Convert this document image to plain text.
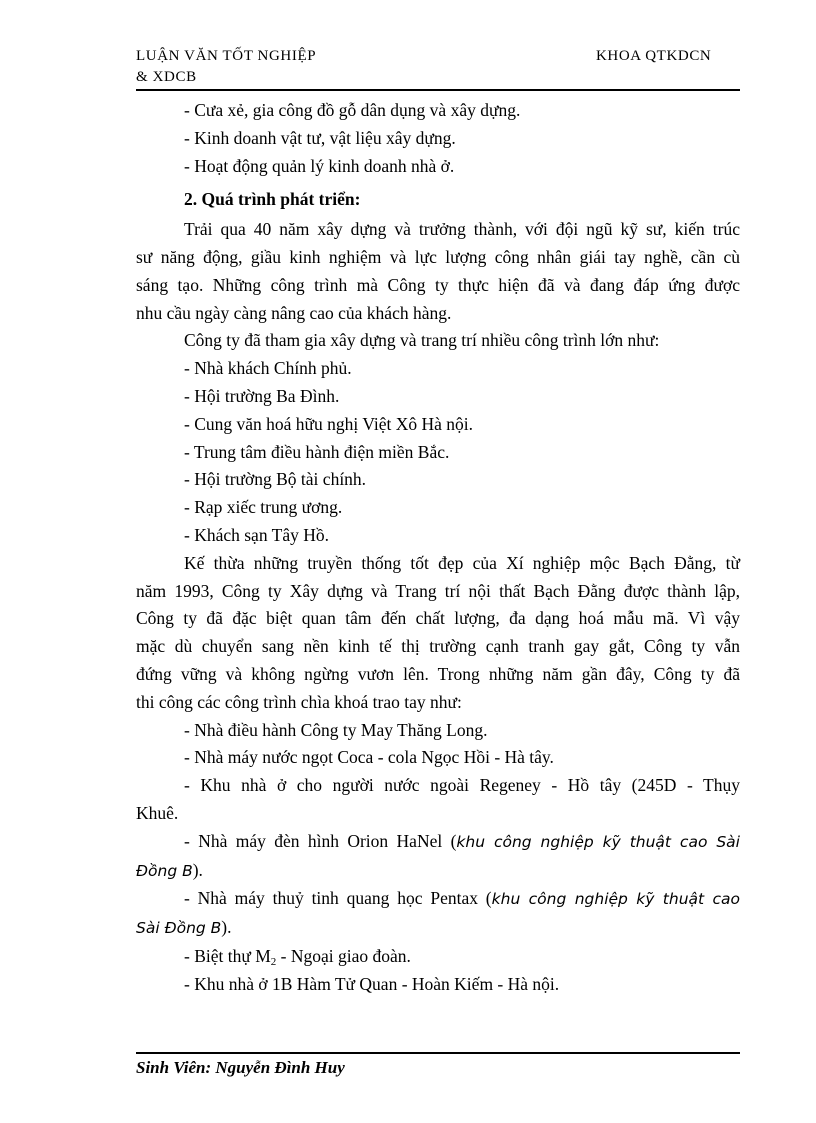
LUẬN VĂN TỐT NGHIỆP
& XDCB
KHOA QTKDCN
- Cưa xẻ, gia công đồ gỗ dân dụng và xây dựng.
- Kinh doanh vật tư, vật liệu xây dựng.
- Hoạt động quản lý kinh doanh nhà ở.
2. Quá trình phát triển:
Trải qua 40 năm xây dựng và trưởng thành, với đội ngũ kỹ sư, kiến trúc
sư năng động, giầu kinh nghiệm và lực lượng công nhân giái tay nghề, cần cù
sáng tạo. Những công trình mà Công ty thực hiện đã và đang đáp ứng được
nhu cầu ngày càng nâng cao của khách hàng.
Công ty đã tham gia xây dựng và trang trí nhiều công trình lớn như:
- Nhà khách Chính phủ.
- Hội trường Ba Đình.
- Cung văn hoá hữu nghị Việt Xô Hà nội.
- Trung tâm điều hành điện miền Bắc.
- Hội trường Bộ tài chính.
- Rạp xiếc trung ương.
- Khách sạn Tây Hồ.
Kế thừa những truyền thống tốt đẹp của Xí nghiệp mộc Bạch Đằng, từ
năm 1993, Công ty Xây dựng và Trang trí nội thất Bạch Đằng được thành lập,
Công ty đã đặc biệt quan tâm đến chất lượng, đa dạng hoá mẫu mã. Vì vậy
mặc dù chuyển sang nền kinh tế thị trường cạnh tranh gay gắt, Công ty vẫn
đứng vững và không ngừng vươn lên. Trong những năm gần đây, Công ty đã
thi công các công trình chìa khoá trao tay như:
- Nhà điều hành Công ty May Thăng Long.
- Nhà máy nước ngọt Coca - cola Ngọc Hồi - Hà tây.
- Khu nhà ở cho người nước ngoài Regeney - Hồ tây (245D - Thụy
Khuê.
- Nhà máy đèn hình Orion HaNel (khu công nghiệp kỹ thuật cao Sài
Đồng B).
- Nhà máy thuỷ tinh quang học Pentax (khu công nghiệp kỹ thuật cao
Sài Đồng B).
- Biệt thự $M_2$ - Ngoại giao đoàn.
- Khu nhà ở 1B Hàm Tử Quan - Hoàn Kiếm - Hà nội.
Sinh Viên: Nguyễn Đình Huy
